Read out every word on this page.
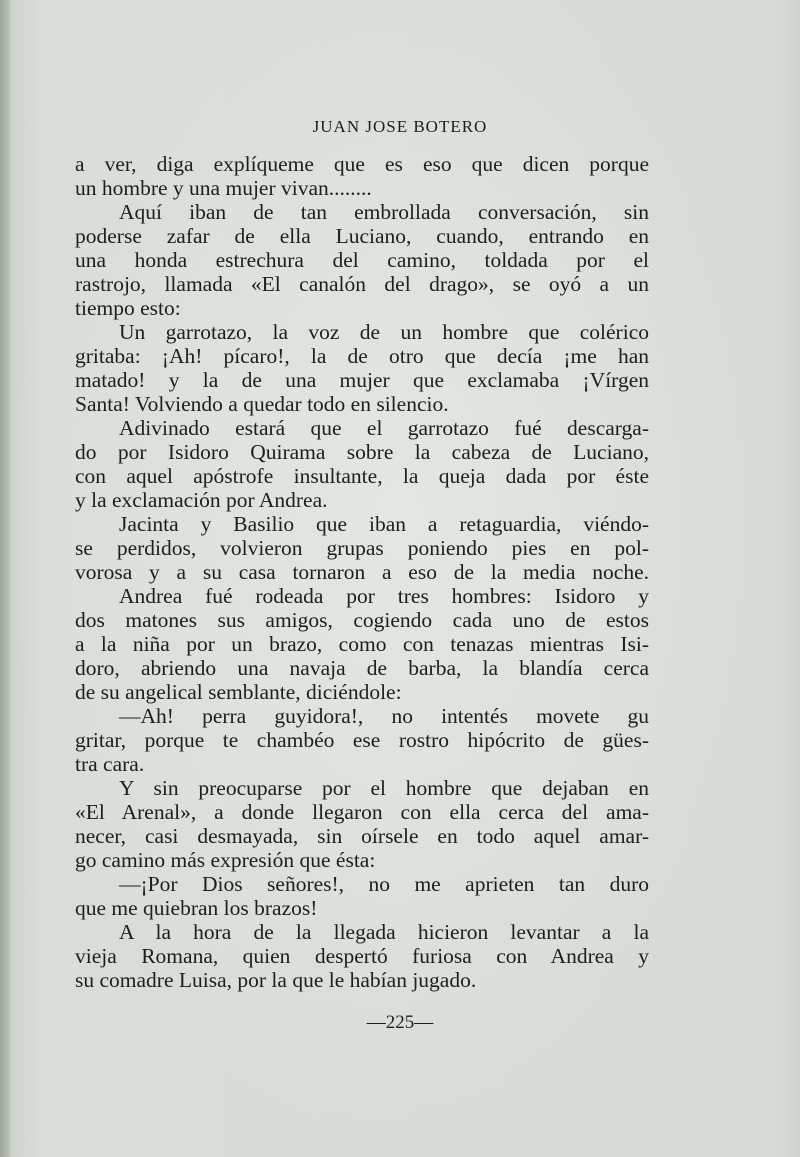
JUAN JOSE BOTERO
a ver, diga explíqueme que es eso que dicen porque
un hombre y una mujer vivan........
Aquí iban de tan embrollada conversación, sin
poderse zafar de ella Luciano, cuando, entrando en
una honda estrechura del camino, toldada por el
rastrojo, llamada «El canalón del drago», se oyó a un
tiempo esto:
Un garrotazo, la voz de un hombre que colérico
gritaba: ¡Ah! pícaro!, la de otro que decía ¡me han
matado! y la de una mujer que exclamaba ¡Vírgen
Santa! Volviendo a quedar todo en silencio.
Adivinado estará que el garrotazo fué descarga-
do por Isidoro Quirama sobre la cabeza de Luciano,
con aquel apóstrofe insultante, la queja dada por éste
y la exclamación por Andrea.
Jacinta y Basilio que iban a retaguardia, viéndo-
se perdidos, volvieron grupas poniendo pies en pol-
vorosa y a su casa tornaron a eso de la media noche.
Andrea fué rodeada por tres hombres: Isidoro y
dos matones sus amigos, cogiendo cada uno de estos
a la niña por un brazo, como con tenazas mientras Isi-
doro, abriendo una navaja de barba, la blandía cerca
de su angelical semblante, diciéndole:
—Ah! perra guyidora!, no intentés movete gu
gritar, porque te chambéo ese rostro hipócrito de gües-
tra cara.
Y sin preocuparse por el hombre que dejaban en
«El Arenal», a donde llegaron con ella cerca del ama-
necer, casi desmayada, sin oírsele en todo aquel amar-
go camino más expresión que ésta:
—¡Por Dios señores!, no me aprieten tan duro
que me quiebran los brazos!
A la hora de la llegada hicieron levantar a la
vieja Romana, quien despertó furiosa con Andrea y
su comadre Luisa, por la que le habían jugado.
—225—
